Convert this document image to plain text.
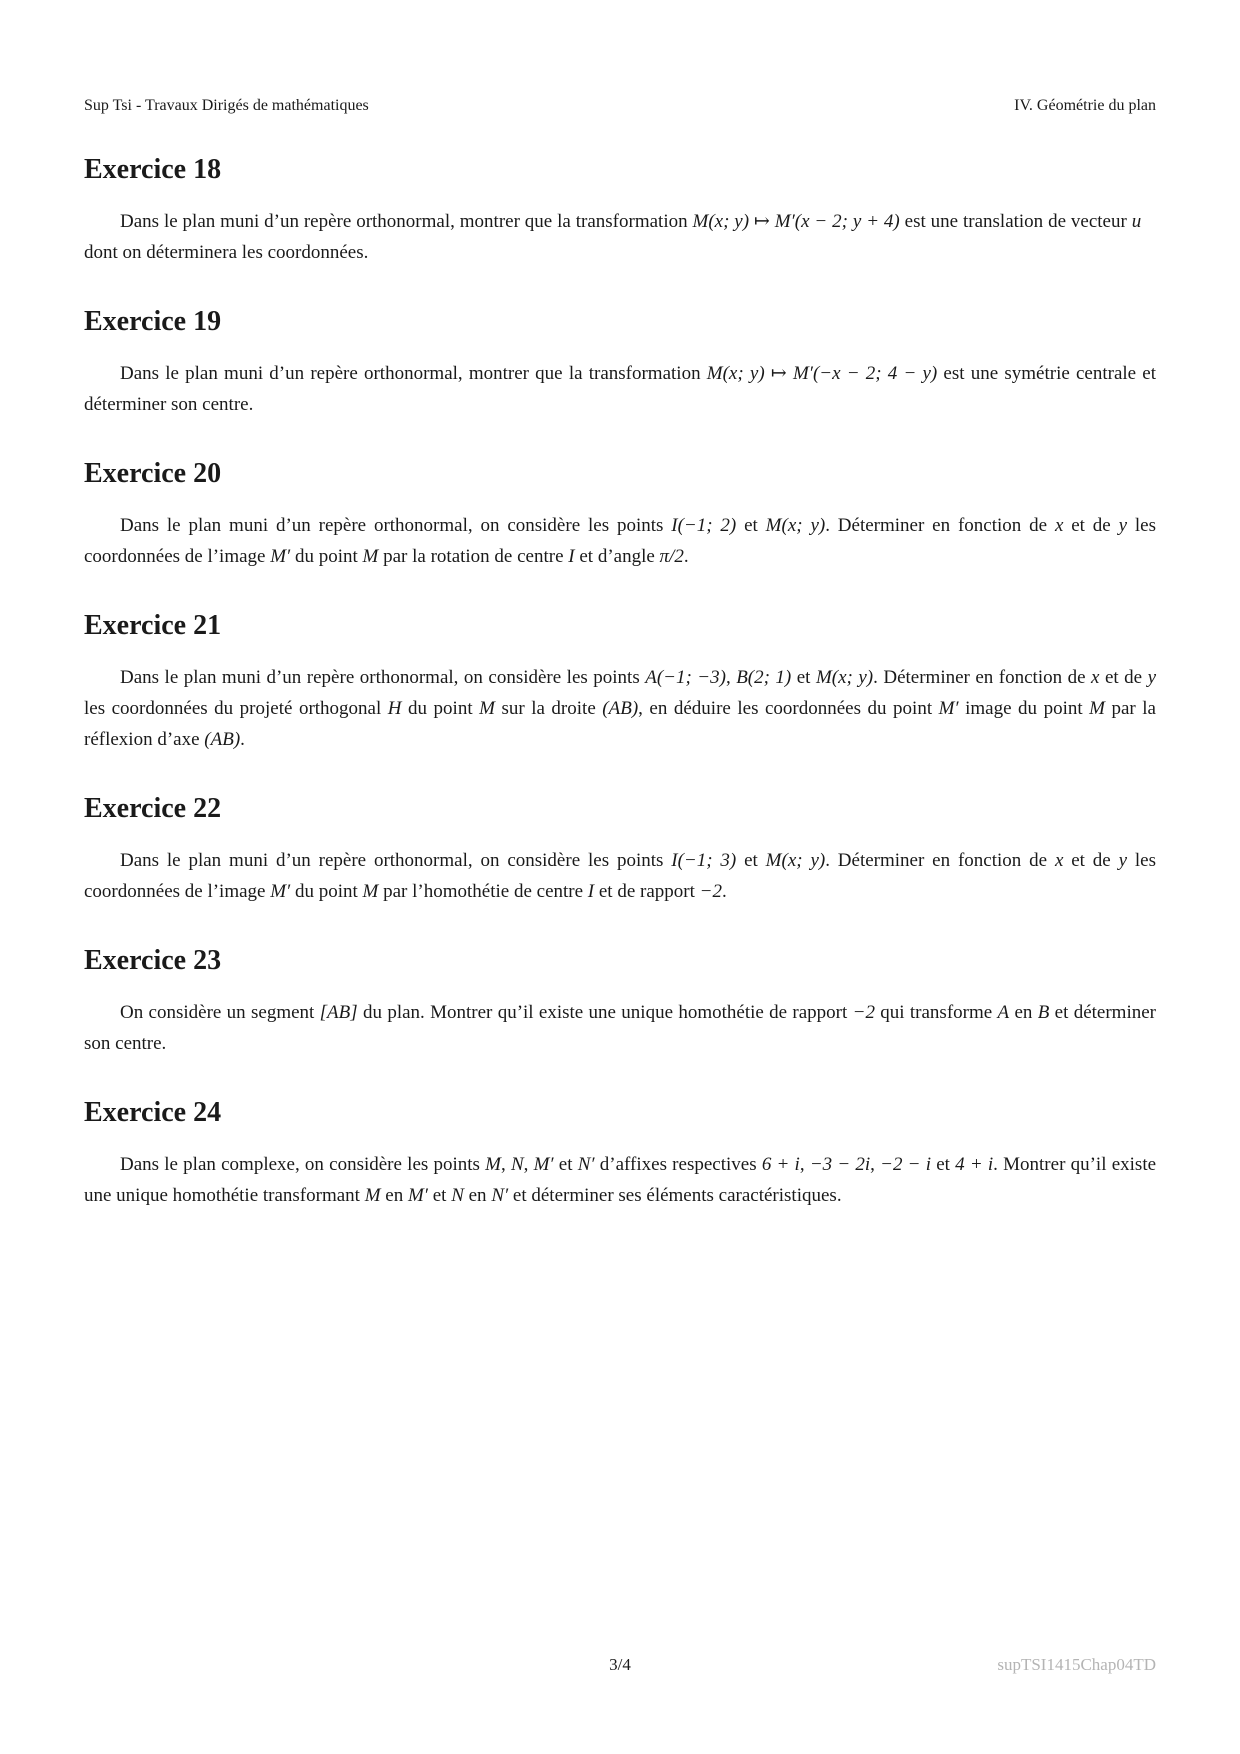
Sup Tsi - Travaux Dirigés de mathématiques	IV. Géométrie du plan
Exercice 18

Dans le plan muni d’un repère orthonormal, montrer que la transformation M(x; y) ↦ M′(x − 2; y + 4) est une translation de vecteur u⃗ dont on déterminera les coordonnées.

Exercice 19

Dans le plan muni d’un repère orthonormal, montrer que la transformation M(x; y) ↦ M′(−x − 2; 4 − y) est une symétrie centrale et déterminer son centre.

Exercice 20

Dans le plan muni d’un repère orthonormal, on considère les points I(−1; 2) et M(x; y). Déterminer en fonction de x et de y les coordonnées de l’image M′ du point M par la rotation de centre I et d’angle π/2.

Exercice 21

Dans le plan muni d’un repère orthonormal, on considère les points A(−1; −3), B(2; 1) et M(x; y). Déterminer en fonction de x et de y les coordonnées du projeté orthogonal H du point M sur la droite (AB), en déduire les coordonnées du point M′ image du point M par la réflexion d’axe (AB).

Exercice 22

Dans le plan muni d’un repère orthonormal, on considère les points I(−1; 3) et M(x; y). Déterminer en fonction de x et de y les coordonnées de l’image M′ du point M par l’homothétie de centre I et de rapport −2.

Exercice 23

On considère un segment [AB] du plan. Montrer qu’il existe une unique homothétie de rapport −2 qui transforme A en B et déterminer son centre.

Exercice 24

Dans le plan complexe, on considère les points M, N, M′ et N′ d’affixes respectives 6 + i, −3 − 2i, −2 − i et 4 + i. Montrer qu’il existe une unique homothétie transformant M en M′ et N en N′ et déterminer ses éléments caractéristiques.

3/4	supTSI1415Chap04TD
